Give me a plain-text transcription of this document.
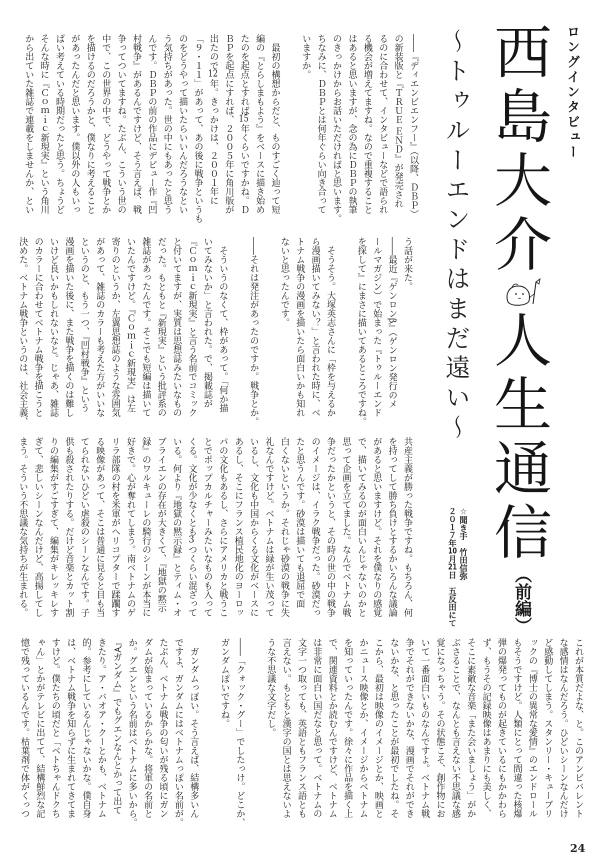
ロングインタビュー
西島大介
人生通信
（前編）
〜トゥルーエンドはまだ遠い〜
☆聞き手　竹田信弥
２０１７年10月21日　五反田にて
――『ディエンビエンフー』（以降、ＤＢＰ）
の新装版と『ＴＲＵＥ ＥＮＤ』が発売され
るのに合わせて、インタビューなどで語られ
る機会が増えてますね。なので重複すること
はあると思いますが、念の為にＤＢＰの執筆
のきっかけからお話いただければと思います。
ちなみに、ＤＢＰとは何年ぐらい向き合って
いますか。
　最初の構想からだと、ものすごく辿って短
編の『とらしまもよう』をベースに描き始め
たのを起点とすれば15年くらいですかね。Ｄ
ＢＰを起点にすれば、２００５年に角川版が
出たので12年。きっかけは、２００１年に
「９・１１」があって、あの後に戦争というも
のをどうやって描いたらいいんだろうなとい
う気持ちがあった。世の中にもあったと思う
んです。ＤＢＰの前の作品にデビュー作『凹
村戦争』があるんですけど、そう言えば、戦
争ってついてますね。たぶん、こういう世の
中で、この世界の中で、どうやって戦争とか
を描けるのだろうかと、僕なりに考えること
があったんだと思います。僕以外の人もいっ
ぱい考えている時期だったと思う。ちょうど
そんな時に『Ｃｏｍｉｃ新現実』という角川
から出ていた雑誌で連載をしませんか、とい
う話が来た。
――最近『ゲンロンβ』（ゲンロン発行のメ
ールマガジン）で始まった『トゥルーエンド
を探して』にまさに描いてあるところですね。
　そうそう。大塚英志さんに「枠を与えるか
ら漫画描いてみない？」と言われた時に、ベ
トナム戦争の漫画を描いたら面白いかも知れ
ないと思ったんです。
――それは発注があったのですか。戦争とか。
　そういうのなくて、枠があって。「何か描
いてみないか」と言われた。で、掲載誌が
『Ｃｏｍｉｃ新現実』と言う名前でコミック
と付いてますが、実質は思想誌みたいなもの
だった。もともと『新現実』という批評系の
雑誌があったんです。そこでも短編は描いて
いたんですけど。『Ｃｏｍｉｃ新現実』は左
寄りのというか、左翼思想誌のような雰囲気
があって、雑誌のカラーも考えた方がいいな
というのと、もう一つ、『凹村戦争』という
漫画を描いた後に、また戦争を描くのは難し
いけど良いかもしれないなと。じゃあ、雑誌
のカラーに合わせてベトナム戦争を描こうと
決めた。ベトナム戦争というのは、社会主義、
共産主義が勝った戦争ですね。もちろん、何
を持ってして勝ち負けとするかいろんな議論
があると思いますけど。それを僕なりの感覚
で、描いてみるのが面白いんじゃないのかと
思って企画を立てました。なんでベトナム戦
争だったかというと、その時の世の中の戦争
のイメージは、イラク戦争だった。砂漠だっ
たと思うんです。砂漠は描いても退屈で面
白くないというか。それじゃ砂漠の戦争に失
礼なんですけど。ベトナムは緑が生い茂って
いるし、文化も中国からくる文化がベースに
あるし、そこにフランス植民地化のヨーロッ
パの文化もあるし、さらにアメリカと戦うこ
とでポップカルチャーみたいなものも入って
くる。文化が少なくとも3つくらい混ざって
いる。何より『地獄の黙示録』とティム・オ
ブライエンの存在が大きくて、『地獄の黙示
録』のワルキューレの騎行のシーンが本当に
好きで。心が奪れてしまう。南ベトナムのゲ
リラ部隊の村を米軍がヘリコプターで蹂躙す
る映像があって、そこは普通に見ると目も当
てられないひどい虐殺のシーンなんです。子
供も殺されたりする。だけど音楽とカット割
りの編集がすごすぎて、編集がキレッキレす
ぎて、悲しいシーンなんだけど、高揚してし
まう。そういう不思議な気持ちが生まれる。
これが本質だよな、と。このアンビバレント
な感情はなんだろう。ひどいシーンなんだけ
ど感動してしまう。スタンリー・キューブリ
ックの『博士の異常な愛情』のエンドロール
もそうですけど。人類にとって間違った核爆
弾の爆発ってものが起きているにもかかわら
ず、もうその記録映像はあまりにも美しく、
そこに素敵な音楽「また会いましょう」がか
ぶさることで、なんとも言えない不思議な感
覚になっちゃう。その状態こそ、創作物にお
いて一番面白いものなんですよ。ベトナム戦
争でそれができないかな、漫画でそれができ
ないかな、と思ったことが最初でしたね。そ
こから、最初は映像のイメージとか、映画と
かニュース映像とか、イメージからベトナム
を知っていったんです。徐々に作品を描く上
で、関連資料とか読むんですけど、ベトナム
は非常に面白い国だなと思って。ベトナムの
文字一つ取っても、英語ともフランス語とも
言えない。もともと漢字の国とは思えないよ
うな不思議な文字だし。
――「クォック・グー」でしたっけ。どこか、
ガンダムぽいですね。
　ガンダムっぽい。そう言えば、結構多いん
ですよ、ガンダムにはベトナムっぽい名前が。
たぶん、ベトナム戦争の匂いが残る頃にガン
ダムが始まっているからかな。将軍の名前と
か。グエンという名前はベトナムに多いから。
『∀ガンダム』でもグエンなんとかって出て
きたり。ア・バオア・クーとかも、ベトナム
的。参考にしているんじゃないかな。僕自身
は、ベトナム戦争を知らずに生まれてきてま
すけど。僕たちの頃だと「ベトちゃんドクち
ゃん」とかがテレビに出てて、結構鮮烈な記
憶で残っているんです。枯葉剤で体がくっつ
24
